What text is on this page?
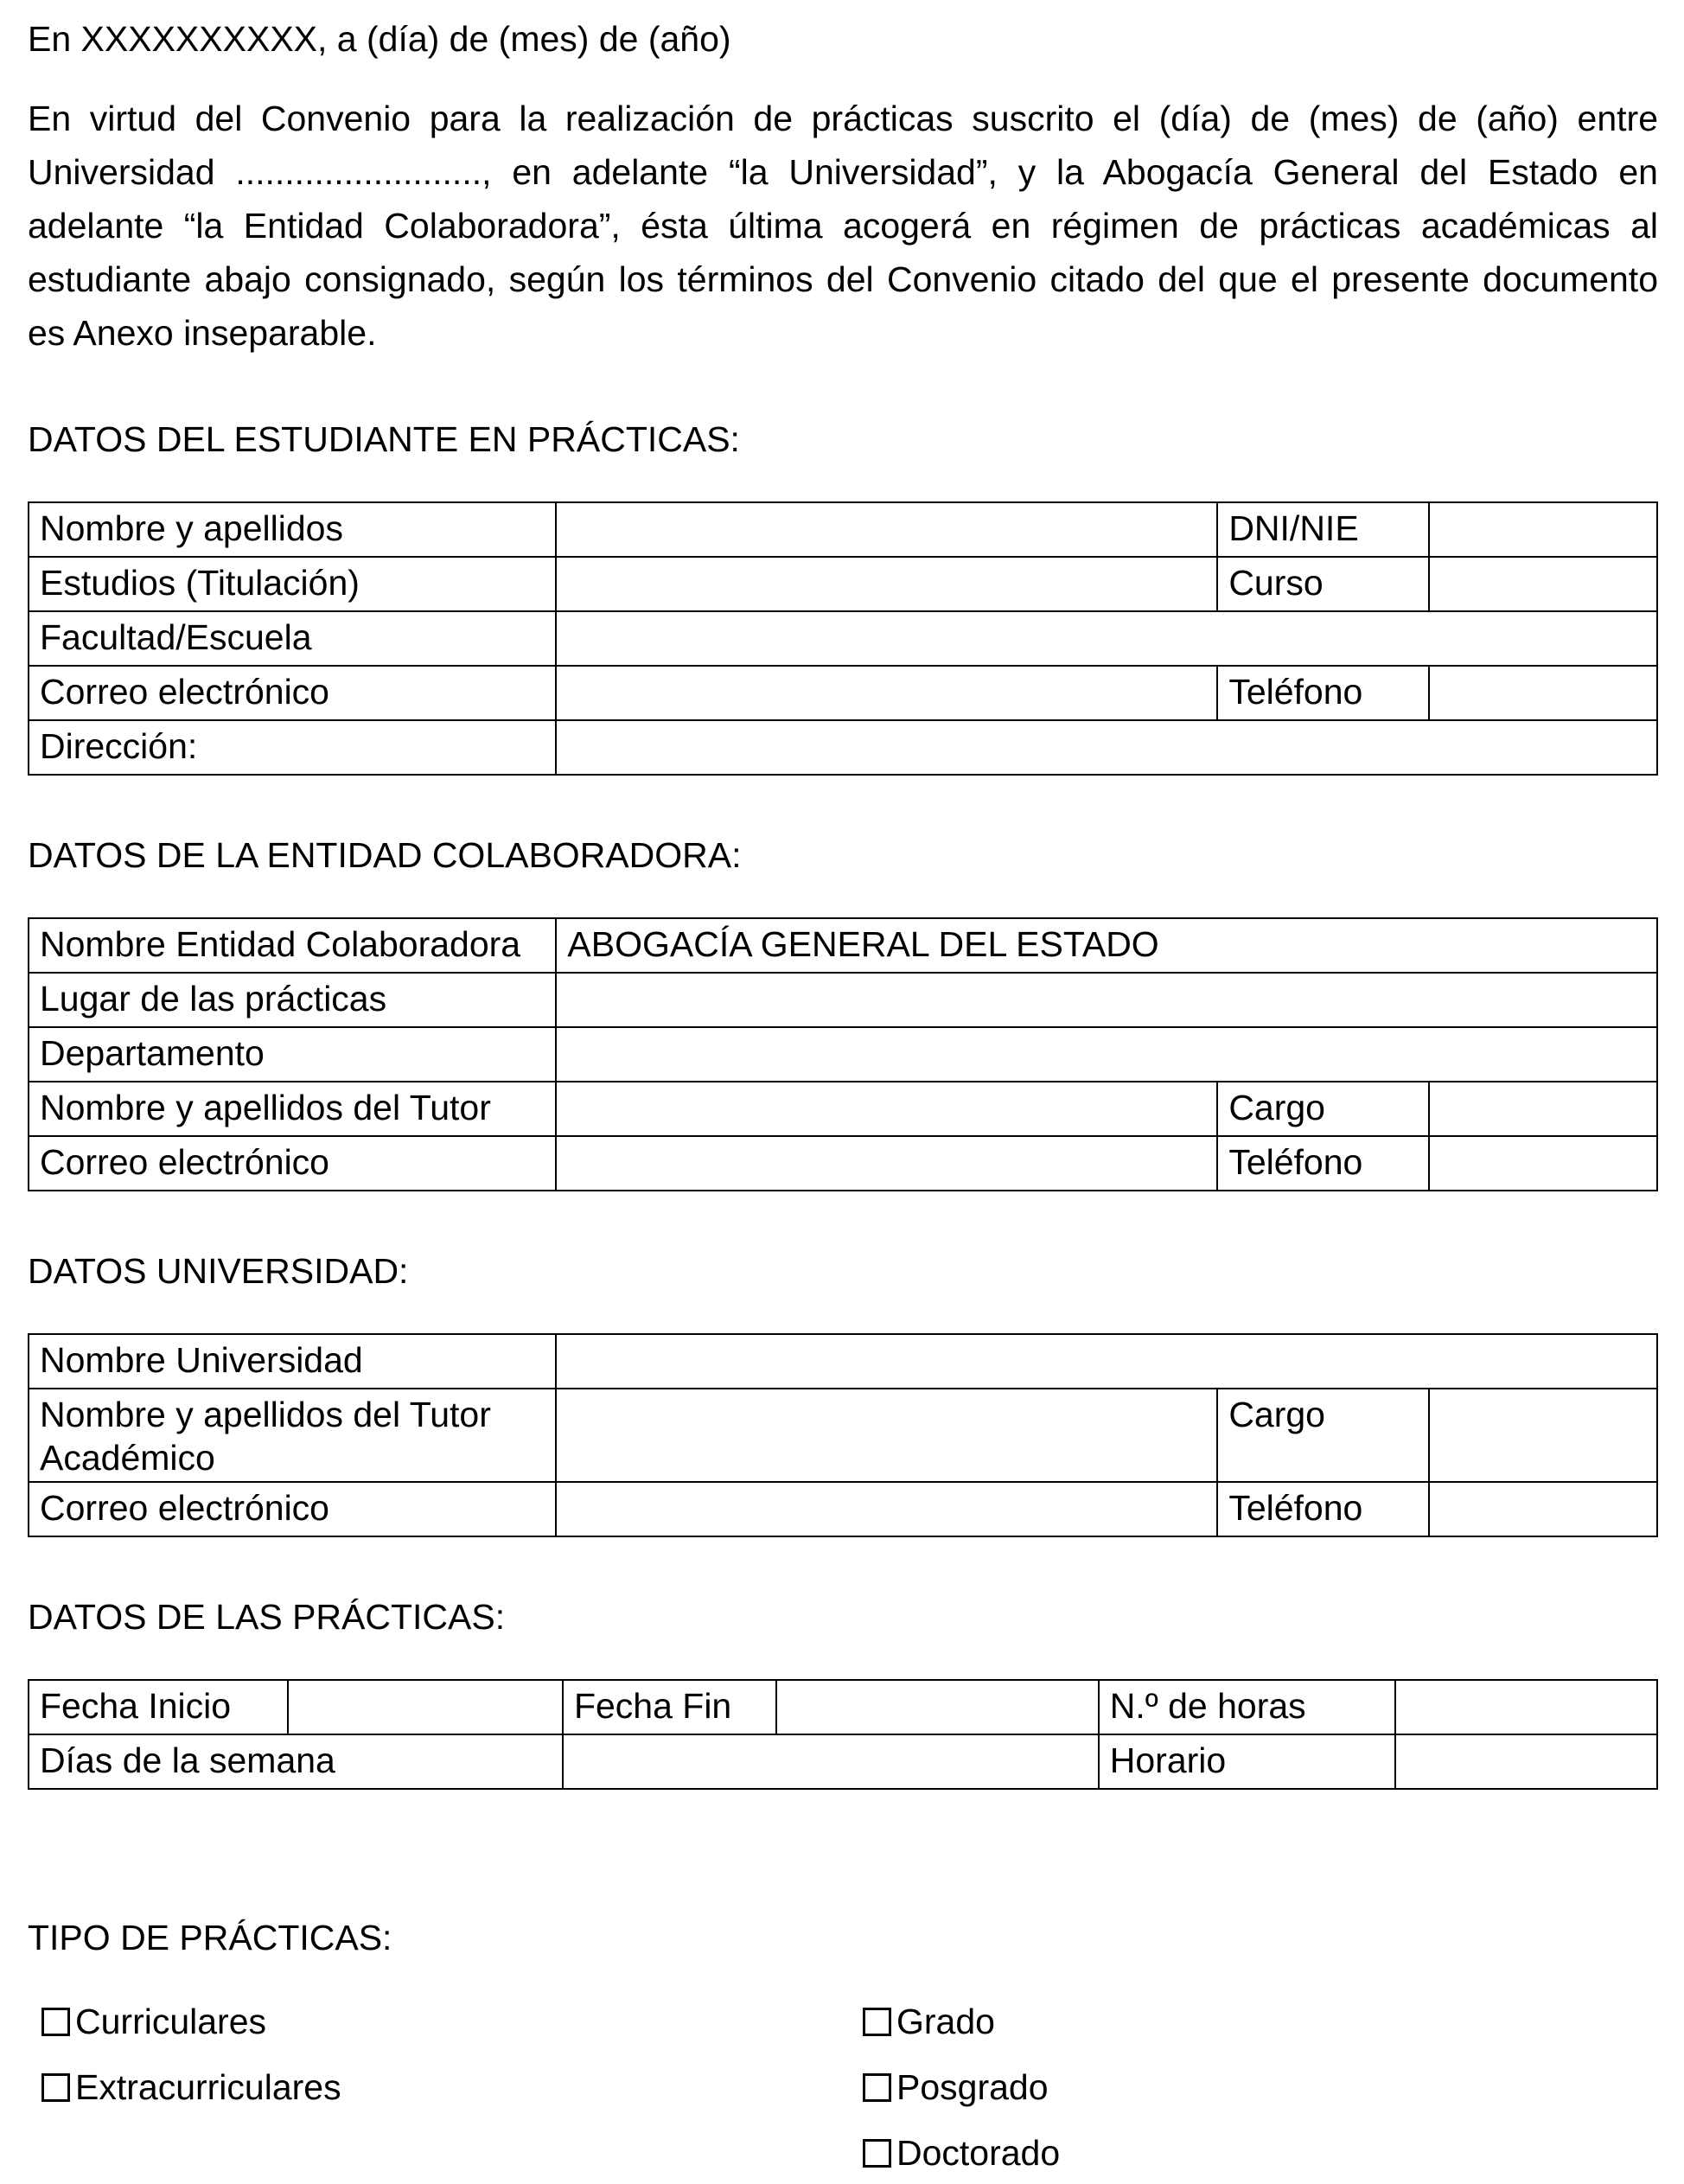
En XXXXXXXXXX, a (día) de (mes) de (año)

En virtud del Convenio para la realización de prácticas suscrito el (día) de (mes) de (año) entre Universidad ........................., en adelante “la Universidad”, y la Abogacía General del Estado en adelante “la Entidad Colaboradora”, ésta última acogerá en régimen de prácticas académicas al estudiante abajo consignado, según los términos del Convenio citado del que el presente documento es Anexo inseparable.

DATOS DEL ESTUDIANTE EN PRÁCTICAS:
Nombre y apellidos		DNI/NIE	
Estudios (Titulación)		Curso	
Facultad/Escuela			
Correo electrónico		Teléfono	
Dirección:			
DATOS DE LA ENTIDAD COLABORADORA:
Nombre Entidad Colaboradora	ABOGACÍA GENERAL DEL ESTADO		
Lugar de las prácticas			
Departamento			
Nombre y apellidos del Tutor		Cargo	
Correo electrónico		Teléfono	
DATOS UNIVERSIDAD:
Nombre Universidad			
Nombre y apellidos del Tutor Académico		Cargo	
Correo electrónico		Teléfono	
DATOS DE LAS PRÁCTICAS:
Fecha Inicio		Fecha Fin		N.º de horas	
Días de la semana				Horario	
TIPO DE PRÁCTICAS:
Curriculares
Extracurriculares
Grado
Posgrado
Doctorado
